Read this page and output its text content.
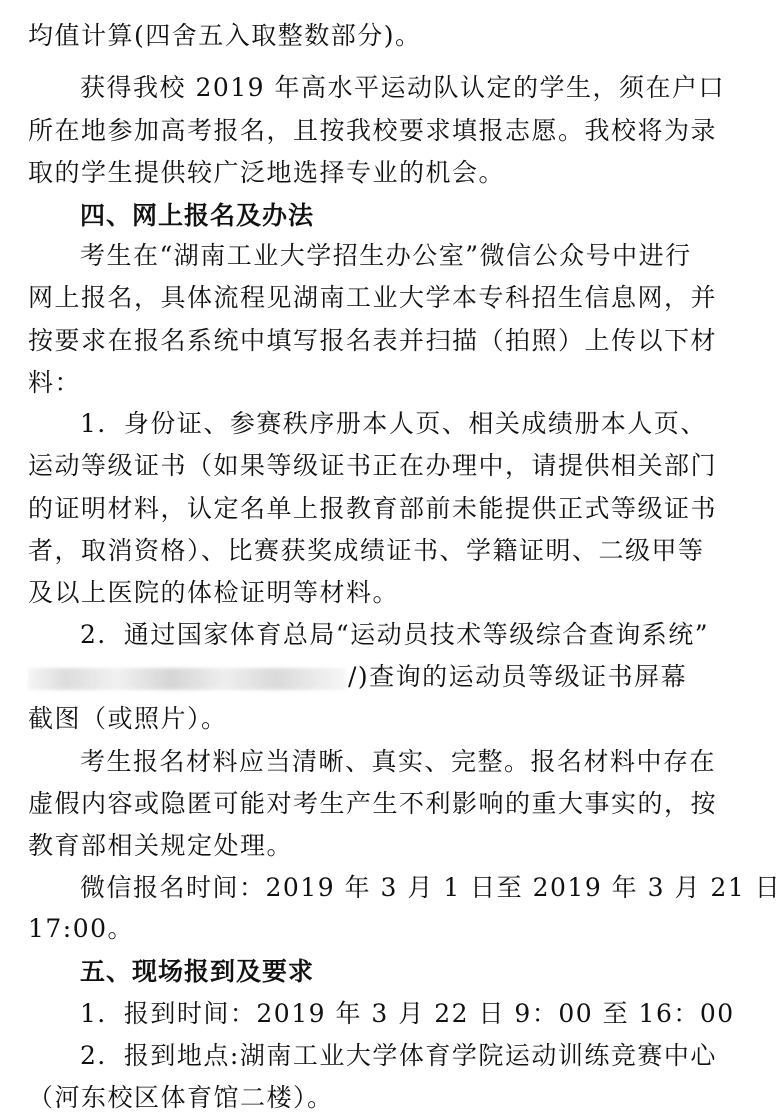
均值计算(四舍五入取整数部分)。
获得我校 2019 年高水平运动队认定的学生，须在户口
所在地参加高考报名，且按我校要求填报志愿。我校将为录
取的学生提供较广泛地选择专业的机会。
四、网上报名及办法
考生在“湖南工业大学招生办公室”微信公众号中进行
网上报名，具体流程见湖南工业大学本专科招生信息网，并
按要求在报名系统中填写报名表并扫描（拍照）上传以下材
料：
1．身份证、参赛秩序册本人页、相关成绩册本人页、
运动等级证书（如果等级证书正在办理中，请提供相关部门
的证明材料，认定名单上报教育部前未能提供正式等级证书
者，取消资格）、比赛获奖成绩证书、学籍证明、二级甲等
及以上医院的体检证明等材料。
2．通过国家体育总局“运动员技术等级综合查询系统”
/)查询的运动员等级证书屏幕
截图（或照片）。
考生报名材料应当清晰、真实、完整。报名材料中存在
虚假内容或隐匿可能对考生产生不利影响的重大事实的，按
教育部相关规定处理。
微信报名时间：2019 年 3 月 1 日至 2019 年 3 月 21 日
17:00。
五、现场报到及要求
1．报到时间：2019 年 3 月 22 日 9：00 至 16：00
2．报到地点:湖南工业大学体育学院运动训练竞赛中心
（河东校区体育馆二楼）。
